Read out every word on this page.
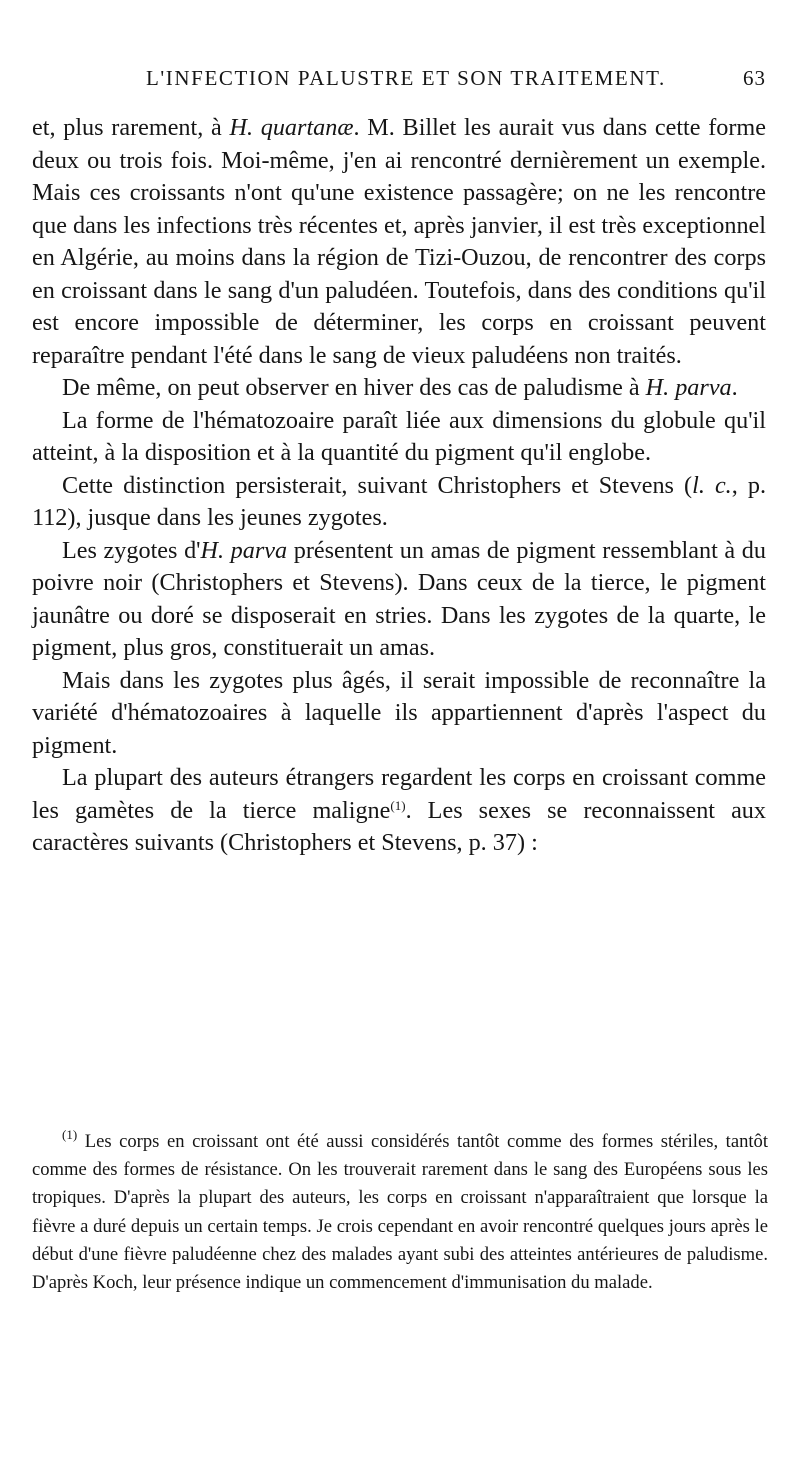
L'INFECTION PALUSTRE ET SON TRAITEMENT.	63

et, plus rarement, à H. quartanæ. M. Billet les aurait vus dans cette forme deux ou trois fois. Moi-même, j'en ai rencontré dernièrement un exemple. Mais ces croissants n'ont qu'une existence passagère; on ne les rencontre que dans les infections très récentes et, après janvier, il est très exceptionnel en Algérie, au moins dans la région de Tizi-Ouzou, de rencontrer des corps en croissant dans le sang d'un paludéen. Toutefois, dans des conditions qu'il est encore impossible de déterminer, les corps en croissant peuvent reparaître pendant l'été dans le sang de vieux paludéens non traités.

De même, on peut observer en hiver des cas de paludisme à H. parva.

La forme de l'hématozoaire paraît liée aux dimensions du globule qu'il atteint, à la disposition et à la quantité du pigment qu'il englobe.

Cette distinction persisterait, suivant Christophers et Stevens (l. c., p. 112), jusque dans les jeunes zygotes.

Les zygotes d'H. parva présentent un amas de pigment ressemblant à du poivre noir (Christophers et Stevens). Dans ceux de la tierce, le pigment jaunâtre ou doré se disposerait en stries. Dans les zygotes de la quarte, le pigment, plus gros, constituerait un amas.

Mais dans les zygotes plus âgés, il serait impossible de reconnaître la variété d'hématozoaires à laquelle ils appartiennent d'après l'aspect du pigment.

La plupart des auteurs étrangers regardent les corps en croissant comme les gamètes de la tierce maligne$^{(1)}$. Les sexes se reconnaissent aux caractères suivants (Christophers et Stevens, p. 37) :

$^{(1)}$ Les corps en croissant ont été aussi considérés tantôt comme des formes stériles, tantôt comme des formes de résistance. On les trouverait rarement dans le sang des Européens sous les tropiques. D'après la plupart des auteurs, les corps en croissant n'apparaîtraient que lorsque la fièvre a duré depuis un certain temps. Je crois cependant en avoir rencontré quelques jours après le début d'une fièvre paludéenne chez des malades ayant subi des atteintes antérieures de paludisme. D'après Koch, leur présence indique un commencement d'immunisation du malade.
